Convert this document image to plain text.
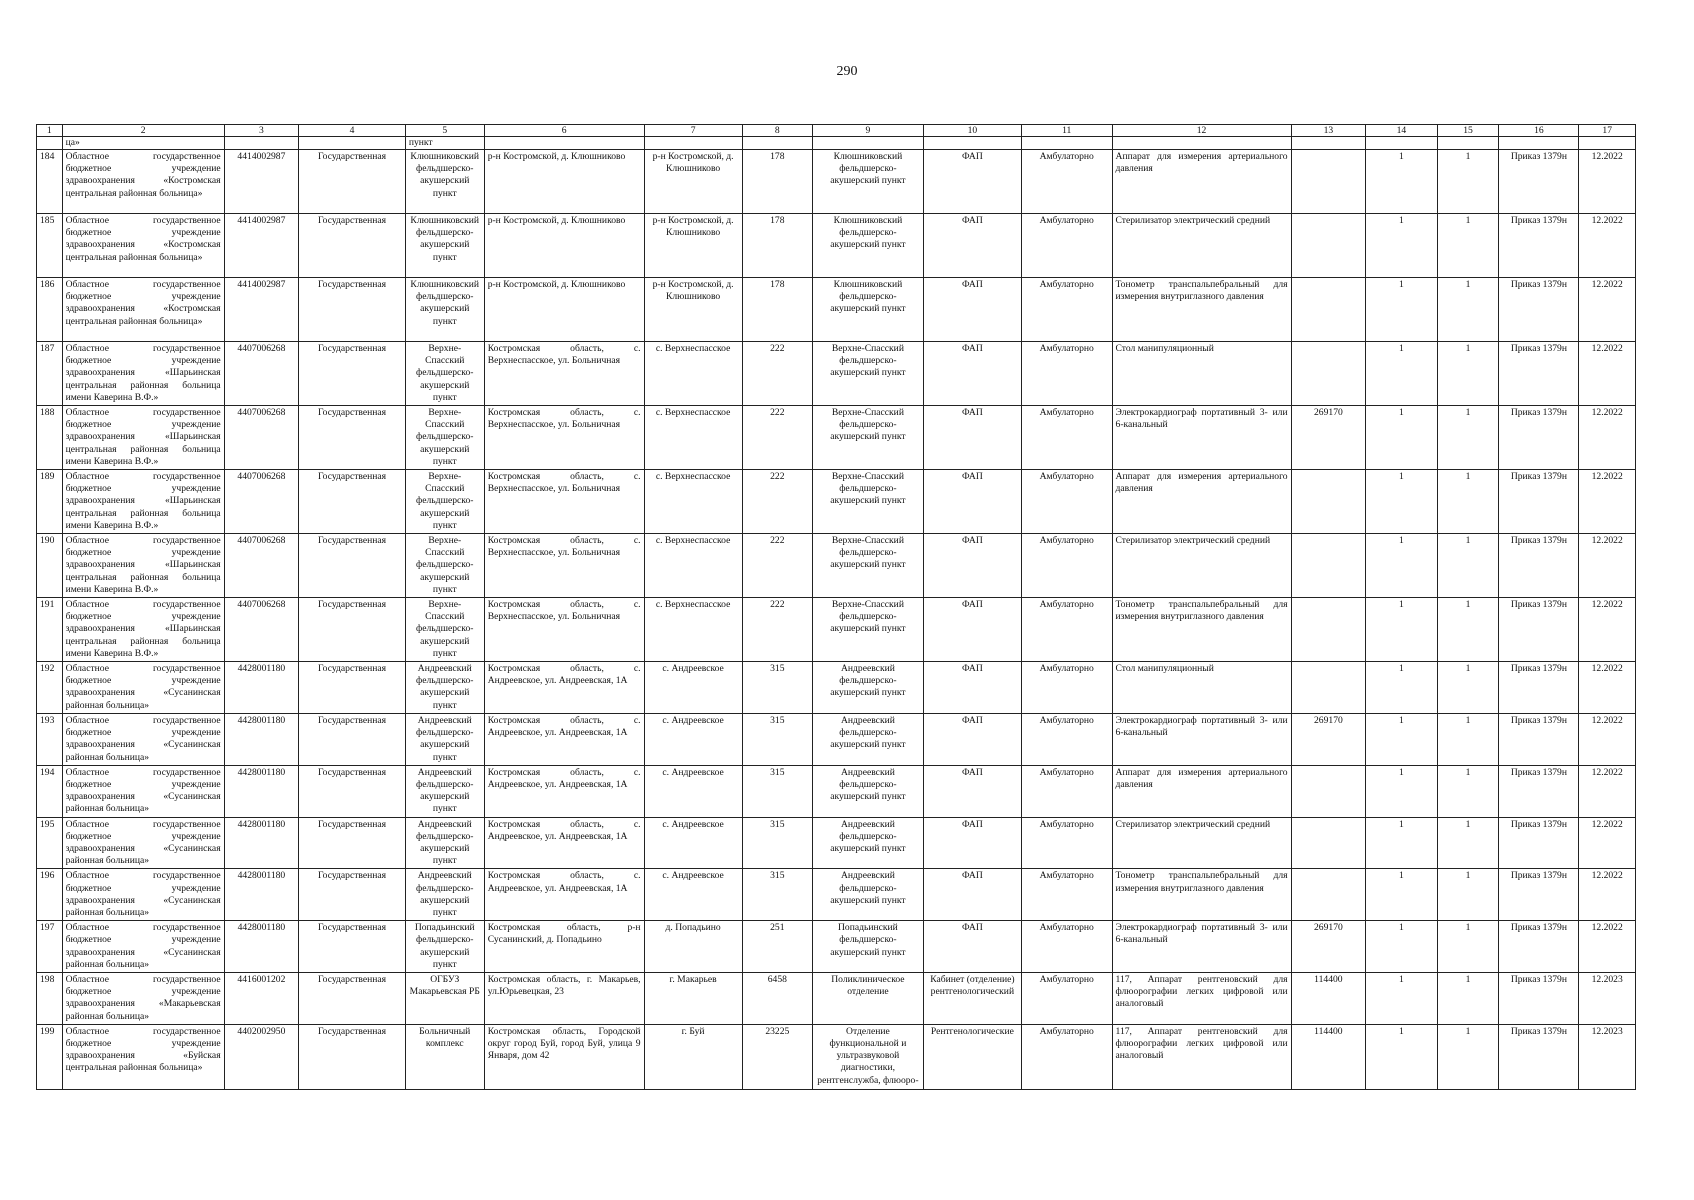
290
1	2	3	4	5	6	7	8	9	10	11	12	13	14	15	16	17
	ца»			пункт												
184	Областное государственное бюджетное учреждение здравоохранения «Костромская центральная районная больница»	4414002987	Государственная	Клюшниковский фельдшерско-акушерский пункт	р-н Костромской, д. Клюшниково	р-н Костромской, д. Клюшниково	178	Клюшниковский фельдшерско-акушерский пункт	ФАП	Амбулаторно	Аппарат для измерения артериального давления		1	1	Приказ 1379н	12.2022
185	Областное государственное бюджетное учреждение здравоохранения «Костромская центральная районная больница»	4414002987	Государственная	Клюшниковский фельдшерско-акушерский пункт	р-н Костромской, д. Клюшниково	р-н Костромской, д. Клюшниково	178	Клюшниковский фельдшерско-акушерский пункт	ФАП	Амбулаторно	Стерилизатор электрический средний		1	1	Приказ 1379н	12.2022
186	Областное государственное бюджетное учреждение здравоохранения «Костромская центральная районная больница»	4414002987	Государственная	Клюшниковский фельдшерско-акушерский пункт	р-н Костромской, д. Клюшниково	р-н Костромской, д. Клюшниково	178	Клюшниковский фельдшерско-акушерский пункт	ФАП	Амбулаторно	Тонометр транспальпебральный для измерения внутриглазного давления		1	1	Приказ 1379н	12.2022
187	Областное государственное бюджетное учреждение здравоохранения «Шарьинская центральная районная больница имени Каверина В.Ф.»	4407006268	Государственная	Верхне-Спасский фельдшерско-акушерский пункт	Костромская область, с. Верхнеспасское, ул. Больничная	с. Верхнеспасское	222	Верхне-Спасский фельдшерско-акушерский пункт	ФАП	Амбулаторно	Стол манипуляционный		1	1	Приказ 1379н	12.2022
188	Областное государственное бюджетное учреждение здравоохранения «Шарьинская центральная районная больница имени Каверина В.Ф.»	4407006268	Государственная	Верхне-Спасский фельдшерско-акушерский пункт	Костромская область, с. Верхнеспасское, ул. Больничная	с. Верхнеспасское	222	Верхне-Спасский фельдшерско-акушерский пункт	ФАП	Амбулаторно	Электрокардиограф портативный 3- или 6-канальный	269170	1	1	Приказ 1379н	12.2022
189	Областное государственное бюджетное учреждение здравоохранения «Шарьинская центральная районная больница имени Каверина В.Ф.»	4407006268	Государственная	Верхне-Спасский фельдшерско-акушерский пункт	Костромская область, с. Верхнеспасское, ул. Больничная	с. Верхнеспасское	222	Верхне-Спасский фельдшерско-акушерский пункт	ФАП	Амбулаторно	Аппарат для измерения артериального давления		1	1	Приказ 1379н	12.2022
190	Областное государственное бюджетное учреждение здравоохранения «Шарьинская центральная районная больница имени Каверина В.Ф.»	4407006268	Государственная	Верхне-Спасский фельдшерско-акушерский пункт	Костромская область, с. Верхнеспасское, ул. Больничная	с. Верхнеспасское	222	Верхне-Спасский фельдшерско-акушерский пункт	ФАП	Амбулаторно	Стерилизатор электрический средний		1	1	Приказ 1379н	12.2022
191	Областное государственное бюджетное учреждение здравоохранения «Шарьинская центральная районная больница имени Каверина В.Ф.»	4407006268	Государственная	Верхне-Спасский фельдшерско-акушерский пункт	Костромская область, с. Верхнеспасское, ул. Больничная	с. Верхнеспасское	222	Верхне-Спасский фельдшерско-акушерский пункт	ФАП	Амбулаторно	Тонометр транспальпебральный для измерения внутриглазного давления		1	1	Приказ 1379н	12.2022
192	Областное государственное бюджетное учреждение здравоохранения «Сусанинская районная больница»	4428001180	Государственная	Андреевский фельдшерско-акушерский пункт	Костромская область, с. Андреевское, ул. Андреевская, 1А	с. Андреевское	315	Андреевский фельдшерско-акушерский пункт	ФАП	Амбулаторно	Стол манипуляционный		1	1	Приказ 1379н	12.2022
193	Областное государственное бюджетное учреждение здравоохранения «Сусанинская районная больница»	4428001180	Государственная	Андреевский фельдшерско-акушерский пункт	Костромская область, с. Андреевское, ул. Андреевская, 1А	с. Андреевское	315	Андреевский фельдшерско-акушерский пункт	ФАП	Амбулаторно	Электрокардиограф портативный 3- или 6-канальный	269170	1	1	Приказ 1379н	12.2022
194	Областное государственное бюджетное учреждение здравоохранения «Сусанинская районная больница»	4428001180	Государственная	Андреевский фельдшерско-акушерский пункт	Костромская область, с. Андреевское, ул. Андреевская, 1А	с. Андреевское	315	Андреевский фельдшерско-акушерский пункт	ФАП	Амбулаторно	Аппарат для измерения артериального давления		1	1	Приказ 1379н	12.2022
195	Областное государственное бюджетное учреждение здравоохранения «Сусанинская районная больница»	4428001180	Государственная	Андреевский фельдшерско-акушерский пункт	Костромская область, с. Андреевское, ул. Андреевская, 1А	с. Андреевское	315	Андреевский фельдшерско-акушерский пункт	ФАП	Амбулаторно	Стерилизатор электрический средний		1	1	Приказ 1379н	12.2022
196	Областное государственное бюджетное учреждение здравоохранения «Сусанинская районная больница»	4428001180	Государственная	Андреевский фельдшерско-акушерский пункт	Костромская область, с. Андреевское, ул. Андреевская, 1А	с. Андреевское	315	Андреевский фельдшерско-акушерский пункт	ФАП	Амбулаторно	Тонометр транспальпебральный для измерения внутриглазного давления		1	1	Приказ 1379н	12.2022
197	Областное государственное бюджетное учреждение здравоохранения «Сусанинская районная больница»	4428001180	Государственная	Попадьинский фельдшерско-акушерский пункт	Костромская область, р-н Сусанинский, д. Попадьино	д. Попадьино	251	Попадьинский фельдшерско-акушерский пункт	ФАП	Амбулаторно	Электрокардиограф портативный 3- или 6-канальный	269170	1	1	Приказ 1379н	12.2022
198	Областное государственное бюджетное учреждение здравоохранения «Макарьевская районная больница»	4416001202	Государственная	ОГБУЗ Макарьевская РБ	Костромская область, г. Макарьев, ул.Юрьевецкая, 23	г. Макарьев	6458	Поликлиническое отделение	Кабинет (отделение) рентгенологический	Амбулаторно	117, Аппарат рентгеновский для флюорографии легких цифровой или аналоговый	114400	1	1	Приказ 1379н	12.2023
199	Областное государственное бюджетное учреждение здравоохранения «Буйская центральная районная больница»	4402002950	Государственная	Больничный комплекс	Костромская область, Городской округ город Буй, город Буй, улица 9 Января, дом 42	г. Буй	23225	Отделение функциональной и ультразвуковой диагностики, рентгенслужба, флюоро-	Рентгенологические	Амбулаторно	117, Аппарат рентгеновский для флюорографии легких цифровой или аналоговый	114400	1	1	Приказ 1379н	12.2023
